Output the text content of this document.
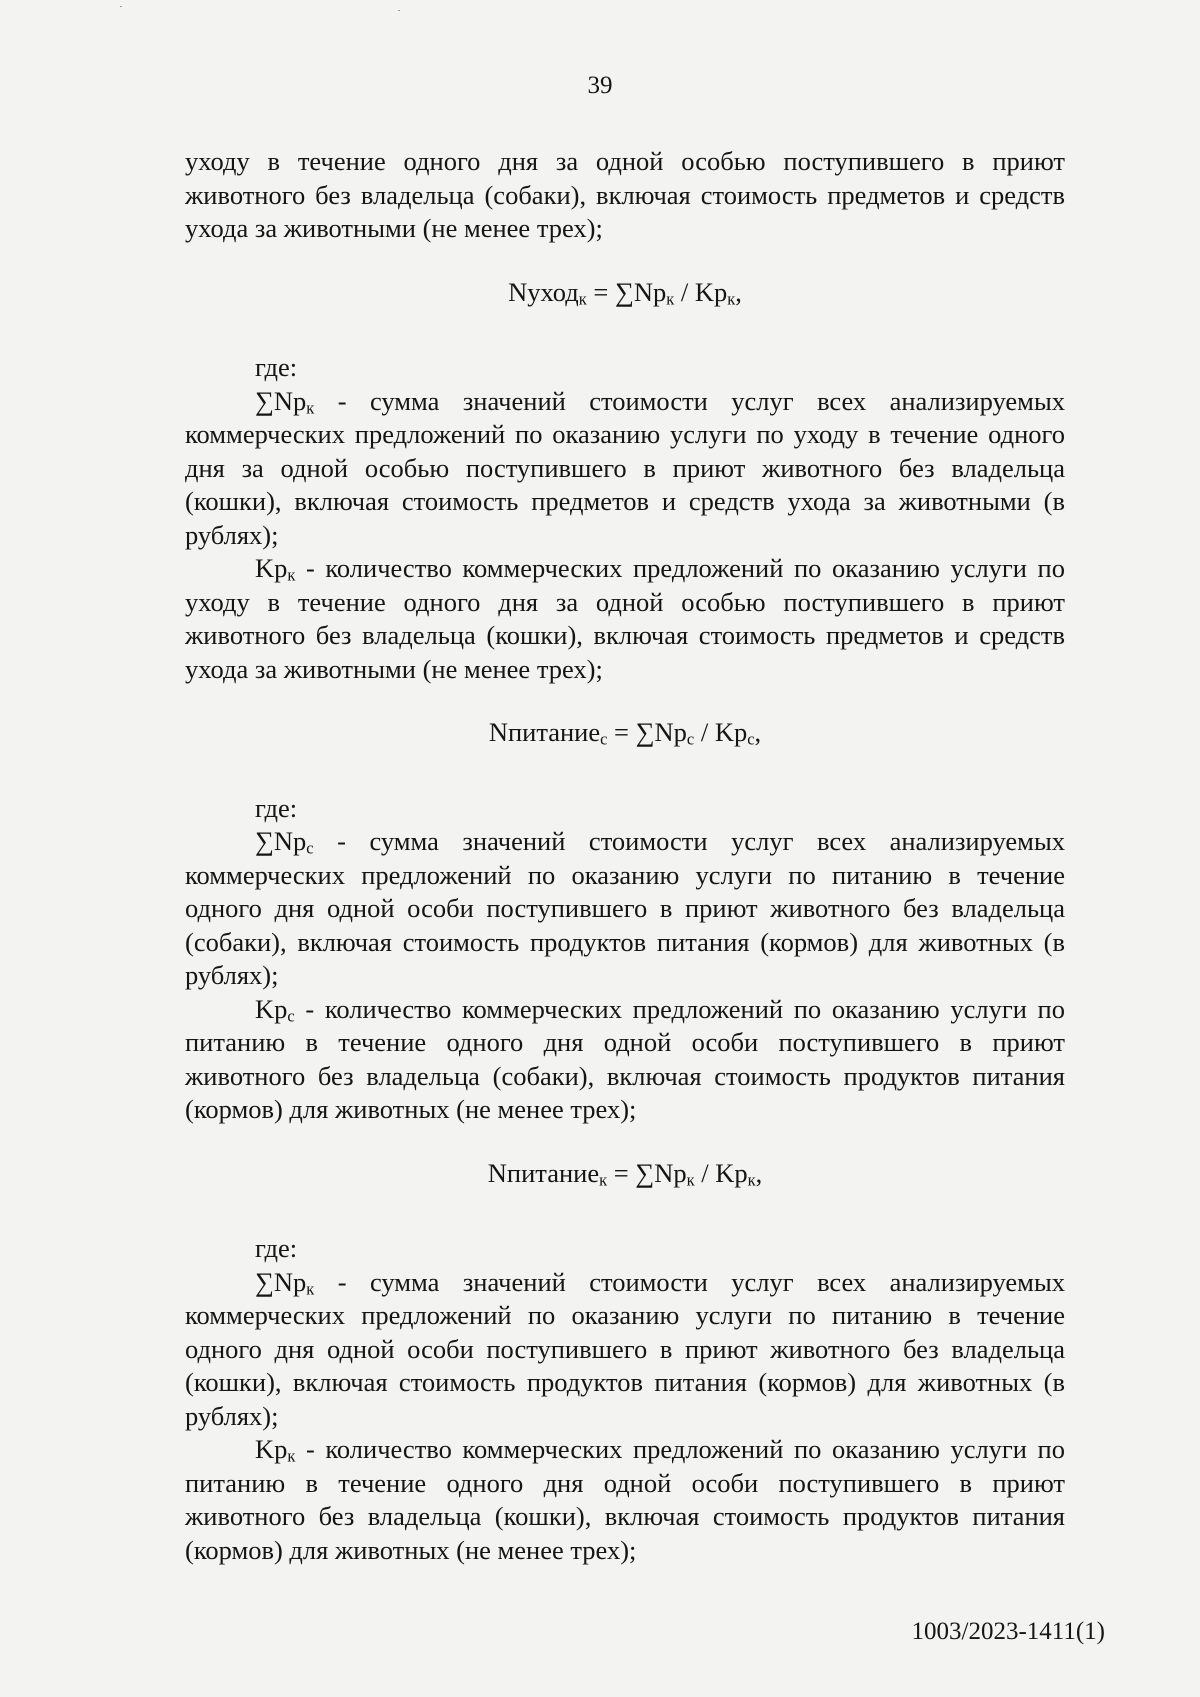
39

уходу в течение одного дня за одной особью поступившего в приют животного без владельца (собаки), включая стоимость предметов и средств ухода за животными (не менее трех);

Nуход$_к$ = $\sum Np_к / Kp_к$,

где:

$\sum Np_к$ - сумма значений стоимости услуг всех анализируемых коммерческих предложений по оказанию услуги по уходу в течение одного дня за одной особью поступившего в приют животного без владельца (кошки), включая стоимость предметов и средств ухода за животными (в рублях);

$Kp_к$ - количество коммерческих предложений по оказанию услуги по уходу в течение одного дня за одной особью поступившего в приют животного без владельца (кошки), включая стоимость предметов и средств ухода за животными (не менее трех);

Nпитание$_с$ = $\sum Np_с / Kp_с$,

где:

$\sum Np_с$ - сумма значений стоимости услуг всех анализируемых коммерческих предложений по оказанию услуги по питанию в течение одного дня одной особи поступившего в приют животного без владельца (собаки), включая стоимость продуктов питания (кормов) для животных (в рублях);

$Kp_с$ - количество коммерческих предложений по оказанию услуги по питанию в течение одного дня одной особи поступившего в приют животного без владельца (собаки), включая стоимость продуктов питания (кормов) для животных (не менее трех);

Nпитание$_к$ = $\sum Np_к / Kp_к$,

где:

$\sum Np_к$ - сумма значений стоимости услуг всех анализируемых коммерческих предложений по оказанию услуги по питанию в течение одного дня одной особи поступившего в приют животного без владельца (кошки), включая стоимость продуктов питания (кормов) для животных (в рублях);

$Kp_к$ - количество коммерческих предложений по оказанию услуги по питанию в течение одного дня одной особи поступившего в приют животного без владельца (кошки), включая стоимость продуктов питания (кормов) для животных (не менее трех);

1003/2023-1411(1)
